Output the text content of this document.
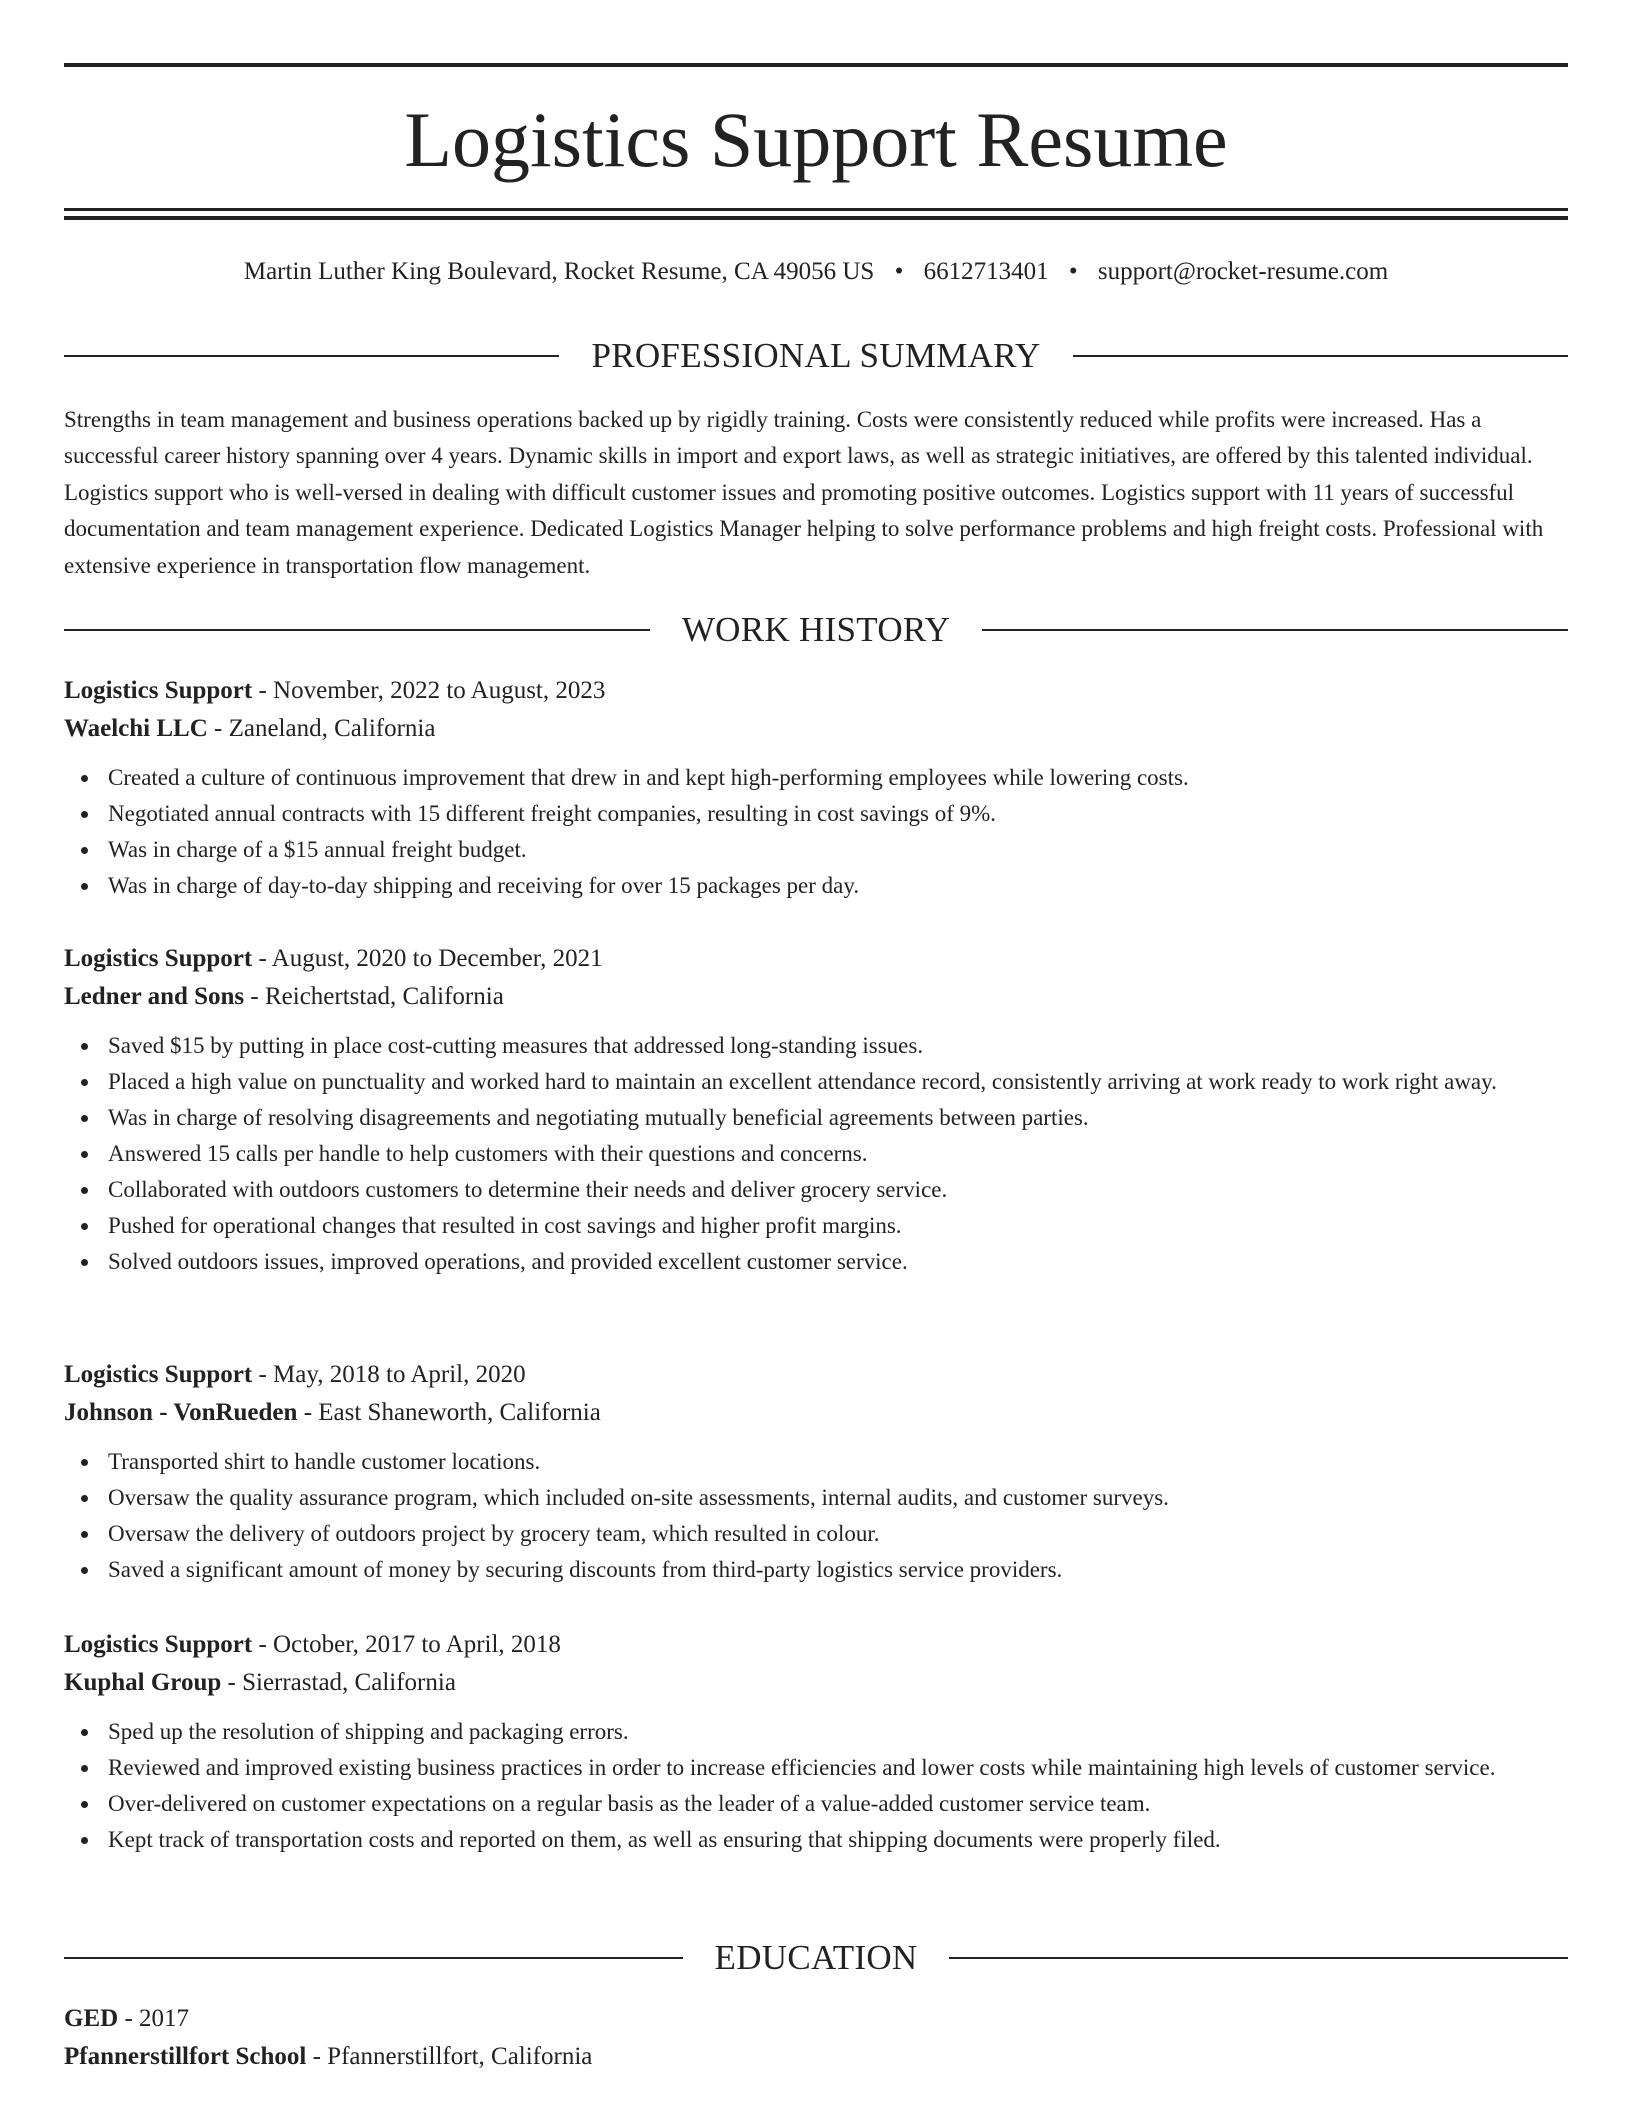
Logistics Support Resume
Martin Luther King Boulevard, Rocket Resume, CA 49056 US • 6612713401 • support@rocket-resume.com
PROFESSIONAL SUMMARY

Strengths in team management and business operations backed up by rigidly training. Costs were consistently reduced while profits were increased. Has a successful career history spanning over 4 years. Dynamic skills in import and export laws, as well as strategic initiatives, are offered by this talented individual. Logistics support who is well-versed in dealing with difficult customer issues and promoting positive outcomes. Logistics support with 11 years of successful documentation and team management experience. Dedicated Logistics Manager helping to solve performance problems and high freight costs. Professional with extensive experience in transportation flow management.

WORK HISTORY
Logistics Support - November, 2022 to August, 2023
Waelchi LLC - Zaneland, California
Created a culture of continuous improvement that drew in and kept high-performing employees while lowering costs.
Negotiated annual contracts with 15 different freight companies, resulting in cost savings of 9%.
Was in charge of a $15 annual freight budget.
Was in charge of day-to-day shipping and receiving for over 15 packages per day.
Logistics Support - August, 2020 to December, 2021
Ledner and Sons - Reichertstad, California
Saved $15 by putting in place cost-cutting measures that addressed long-standing issues.
Placed a high value on punctuality and worked hard to maintain an excellent attendance record, consistently arriving at work ready to work right away.
Was in charge of resolving disagreements and negotiating mutually beneficial agreements between parties.
Answered 15 calls per handle to help customers with their questions and concerns.
Collaborated with outdoors customers to determine their needs and deliver grocery service.
Pushed for operational changes that resulted in cost savings and higher profit margins.
Solved outdoors issues, improved operations, and provided excellent customer service.
Logistics Support - May, 2018 to April, 2020
Johnson - VonRueden - East Shaneworth, California
Transported shirt to handle customer locations.
Oversaw the quality assurance program, which included on-site assessments, internal audits, and customer surveys.
Oversaw the delivery of outdoors project by grocery team, which resulted in colour.
Saved a significant amount of money by securing discounts from third-party logistics service providers.
Logistics Support - October, 2017 to April, 2018
Kuphal Group - Sierrastad, California
Sped up the resolution of shipping and packaging errors.
Reviewed and improved existing business practices in order to increase efficiencies and lower costs while maintaining high levels of customer service.
Over-delivered on customer expectations on a regular basis as the leader of a value-added customer service team.
Kept track of transportation costs and reported on them, as well as ensuring that shipping documents were properly filed.
EDUCATION
GED - 2017
Pfannerstillfort School - Pfannerstillfort, California
